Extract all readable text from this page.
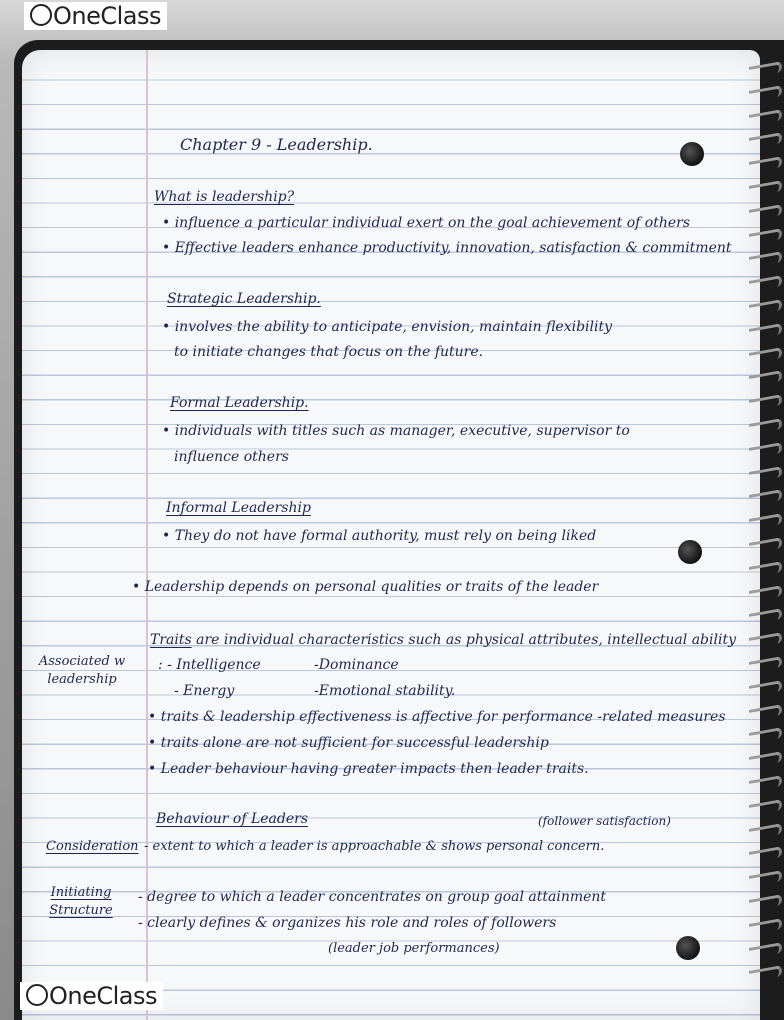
Chapter 9 - Leadership.
What is leadership?
• influence a particular individual exert on the goal achievement of others
• Effective leaders enhance productivity, innovation, satisfaction & commitment
Strategic Leadership.
• involves the ability to anticipate, envision, maintain flexibility
to initiate changes that focus on the future.
Formal Leadership.
• individuals with titles such as manager, executive, supervisor to
influence others
Informal Leadership
• They do not have formal authority, must rely on being liked
• Leadership depends on personal qualities or traits of the leader
Associated w
leadership
Traits are individual characteristics such as physical attributes, intellectual ability
: - Intelligence	-Dominance
- Energy	-Emotional stability.
• traits & leadership effectiveness is affective for performance -related measures
• traits alone are not sufficient for successful leadership
• Leader behaviour having greater impacts then leader traits.
Behaviour of Leaders	(follower satisfaction)
Consideration - extent to which a leader is approachable & shows personal concern.
Initiating
Structure
- degree to which a leader concentrates on group goal attainment
- clearly defines & organizes his role and roles of followers
(leader job performances)
OneClass
OneClass
